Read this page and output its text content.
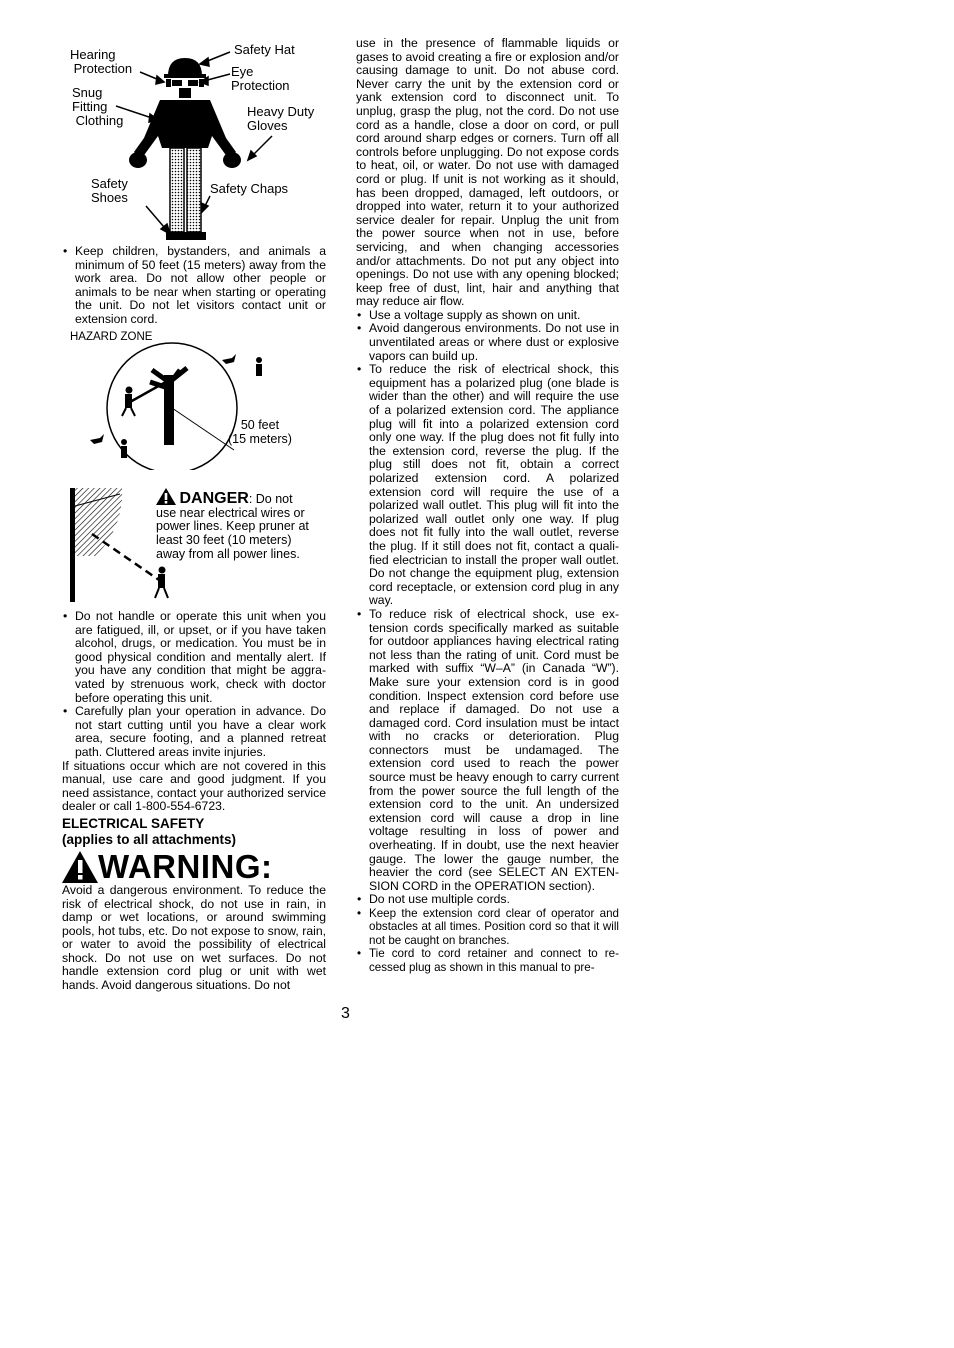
Hearing
Protection
Safety Hat
Eye
Protection
Snug
Fitting
Clothing
Heavy Duty
Gloves
Safety
Shoes
Safety Chaps

• Keep children, bystanders, and animals a minimum of 50 feet (15 meters) away from the work area. Do not allow other people or animals to be near when starting or operating the unit. Do not let visitors contact unit or extension cord.

HAZARD ZONE
50 feet
(15 meters)
DANGER: Do not use near electrical wires or power lines. Keep pruner at least 30 feet (10 meters) away from all power lines.

• Do not handle or operate this unit when you are fatigued, ill, or upset, or if you have taken alcohol, drugs, or medication. You must be in good physical condition and mentally alert. If you have any condition that might be aggravated by strenuous work, check with doctor before operating this unit.

• Carefully plan your operation in advance. Do not start cutting until you have a clear work area, secure footing, and a planned retreat path. Cluttered areas invite injuries.

If situations occur which are not covered in this manual, use care and good judgment. If you need assistance, contact your authorized service dealer or call 1-800-554-6723.

ELECTRICAL SAFETY
(applies to all attachments)
WARNING:

Avoid a dangerous environment. To reduce the risk of electrical shock, do not use in rain, in damp or wet locations, or around swimming pools, hot tubs, etc. Do not expose to snow, rain, or water to avoid the possibility of electrical shock. Do not use on wet surfaces. Do not handle extension cord plug or unit with wet hands. Avoid dangerous situations. Do not

use in the presence of flammable liquids or gases to avoid creating a fire or explosion and/or causing damage to unit. Do not abuse cord. Never carry the unit by the extension cord or yank extension cord to disconnect unit. To unplug, grasp the plug, not the cord. Do not use cord as a handle, close a door on cord, or pull cord around sharp edges or corners. Turn off all controls before unplugging. Do not expose cords to heat, oil, or water. Do not use with damaged cord or plug. If unit is not working as it should, has been dropped, damaged, left outdoors, or dropped into water, return it to your authorized service dealer for repair. Unplug the unit from the power source when not in use, before servicing, and when changing accessories and/or attachments. Do not put any object into openings. Do not use with any opening blocked; keep free of dust, lint, hair and anything that may reduce air flow.

• Use a voltage supply as shown on unit.

• Avoid dangerous environments. Do not use in unventilated areas or where dust or explosive vapors can build up.

• To reduce the risk of electrical shock, this equipment has a polarized plug (one blade is wider than the other) and will require the use of a polarized extension cord. The appliance plug will fit into a polarized extension cord only one way. If the plug does not fit fully into the extension cord, reverse the plug. If the plug still does not fit, obtain a correct polarized extension cord. A polarized extension cord will require the use of a polarized wall outlet. This plug will fit into the polarized wall outlet only one way. If plug does not fit fully into the wall outlet, reverse the plug. If it still does not fit, contact a qualified electrician to install the proper wall outlet. Do not change the equipment plug, extension cord receptacle, or extension cord plug in any way.

• To reduce risk of electrical shock, use extension cords specifically marked as suitable for outdoor appliances having electrical rating not less than the rating of unit. Cord must be marked with suffix “W–A” (in Canada “W”). Make sure your extension cord is in good condition. Inspect extension cord before use and replace if damaged. Do not use a damaged cord. Cord insulation must be intact with no cracks or deterioration. Plug connectors must be undamaged. The extension cord used to reach the power source must be heavy enough to carry current from the power source the full length of the extension cord to the unit. An undersized extension cord will cause a drop in line voltage resulting in loss of power and overheating. If in doubt, use the next heavier gauge. The lower the gauge number, the heavier the cord (see SELECT AN EXTENSION CORD in the OPERATION section).

• Do not use multiple cords.

• Keep the extension cord clear of operator and obstacles at all times. Position cord so that it will not be caught on branches.

• Tie cord to cord retainer and connect to recessed plug as shown in this manual to pre-

3
